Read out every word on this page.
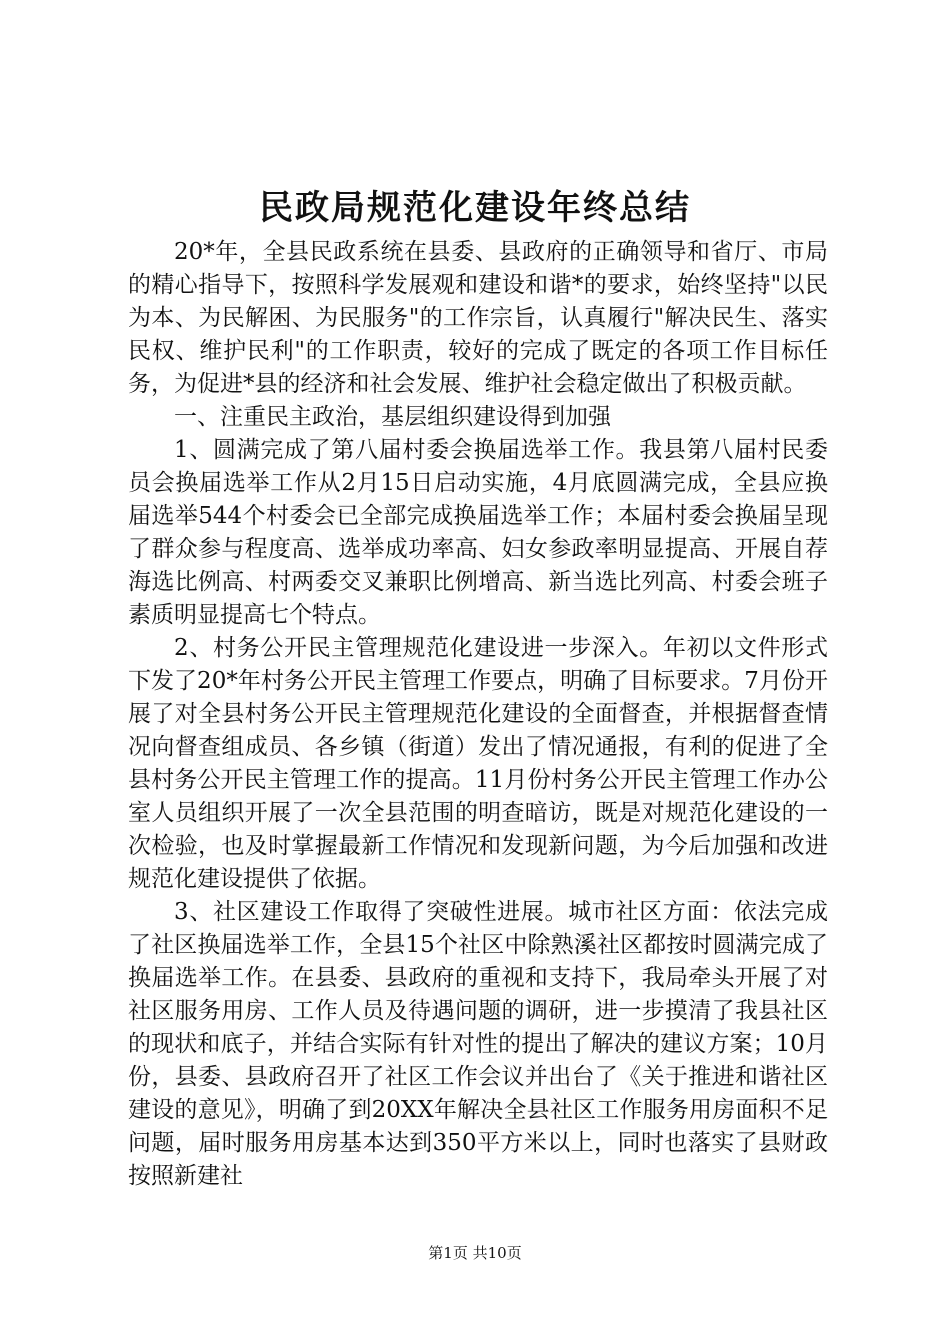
民政局规范化建设年终总结

20*年，全县民政系统在县委、县政府的正确领导和省厅、市局的精心指导下，按照科学发展观和建设和谐*的要求，始终坚持"以民为本、为民解困、为民服务"的工作宗旨，认真履行"解决民生、落实民权、维护民利"的工作职责，较好的完成了既定的各项工作目标任务，为促进*县的经济和社会发展、维护社会稳定做出了积极贡献。

一、注重民主政治，基层组织建设得到加强

1、圆满完成了第八届村委会换届选举工作。我县第八届村民委员会换届选举工作从2月15日启动实施，4月底圆满完成，全县应换届选举544个村委会已全部完成换届选举工作；本届村委会换届呈现了群众参与程度高、选举成功率高、妇女参政率明显提高、开展自荐海选比例高、村两委交叉兼职比例增高、新当选比列高、村委会班子素质明显提高七个特点。

2、村务公开民主管理规范化建设进一步深入。年初以文件形式下发了20*年村务公开民主管理工作要点，明确了目标要求。7月份开展了对全县村务公开民主管理规范化建设的全面督查，并根据督查情况向督查组成员、各乡镇（街道）发出了情况通报，有利的促进了全县村务公开民主管理工作的提高。11月份村务公开民主管理工作办公室人员组织开展了一次全县范围的明查暗访，既是对规范化建设的一次检验，也及时掌握最新工作情况和发现新问题，为今后加强和改进规范化建设提供了依据。

3、社区建设工作取得了突破性进展。城市社区方面：依法完成了社区换届选举工作，全县15个社区中除熟溪社区都按时圆满完成了换届选举工作。在县委、县政府的重视和支持下，我局牵头开展了对社区服务用房、工作人员及待遇问题的调研，进一步摸清了我县社区的现状和底子，并结合实际有针对性的提出了解决的建议方案；10月份，县委、县政府召开了社区工作会议并出台了《关于推进和谐社区建设的意见》，明确了到20XX年解决全县社区工作服务用房面积不足问题，届时服务用房基本达到350平方米以上，同时也落实了县财政按照新建社

第1页 共10页
